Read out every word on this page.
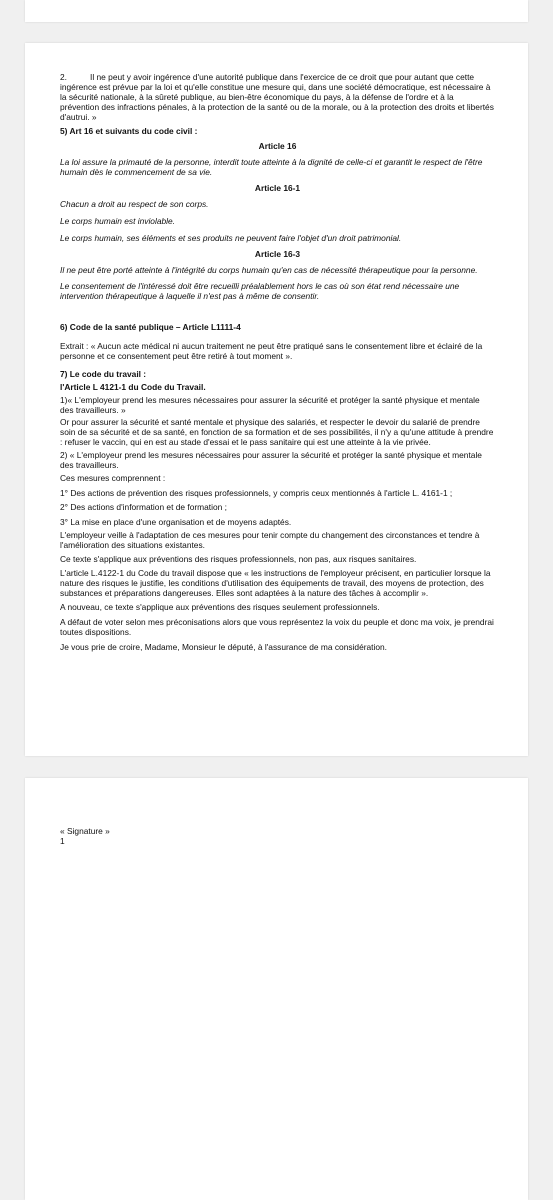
2.	Il ne peut y avoir ingérence d'une autorité publique dans l'exercice de ce droit que pour autant que cette ingérence est prévue par la loi et qu'elle constitue une mesure qui, dans une société démocratique, est nécessaire à la sécurité nationale, à la sûreté publique, au bien-être économique du pays, à la défense de l'ordre et à la prévention des infractions pénales, à la protection de la santé ou de la morale, ou à la protection des droits et libertés d'autrui. »

5) Art 16 et suivants du code civil :

Article 16

La loi assure la primauté de la personne, interdit toute atteinte à la dignité de celle-ci et garantit le respect de l'être humain dès le commencement de sa vie.

Article 16-1

Chacun a droit au respect de son corps.

Le corps humain est inviolable.

Le corps humain, ses éléments et ses produits ne peuvent faire l'objet d'un droit patrimonial.

Article 16-3

Il ne peut être porté atteinte à l'intégrité du corps humain qu'en cas de nécessité thérapeutique pour la personne.

Le consentement de l'intéressé doit être recueilli préalablement hors le cas où son état rend nécessaire une intervention thérapeutique à laquelle il n'est pas à même de consentir.

6) Code de la santé publique – Article L1111-4

Extrait : « Aucun acte médical ni aucun traitement ne peut être pratiqué sans le consentement libre et éclairé de la personne et ce consentement peut être retiré à tout moment ».

7) Le code du travail :

l'Article L 4121-1 du Code du Travail.

1)« L'employeur prend les mesures nécessaires pour assurer la sécurité et protéger la santé physique et mentale des travailleurs. »

Or pour assurer la sécurité et santé mentale et physique des salariés, et respecter le devoir du salarié de prendre soin de sa sécurité et de sa santé, en fonction de sa formation et de ses possibilités, il n'y a qu'une attitude à prendre : refuser le vaccin, qui en est au stade d'essai et le pass sanitaire qui est une atteinte à la vie privée.

2) « L'employeur prend les mesures nécessaires pour assurer la sécurité et protéger la santé physique et mentale des travailleurs.

Ces mesures comprennent :

1° Des actions de prévention des risques professionnels, y compris ceux mentionnés à l'article L. 4161-1 ;

2° Des actions d'information et de formation ;

3° La mise en place d'une organisation et de moyens adaptés.

L'employeur veille à l'adaptation de ces mesures pour tenir compte du changement des circonstances et tendre à l'amélioration des situations existantes.

Ce texte s'applique aux préventions des risques professionnels, non pas, aux risques sanitaires.

L'article L.4122-1 du Code du travail dispose que « les instructions de l'employeur précisent, en particulier lorsque la nature des risques le justifie, les conditions d'utilisation des équipements de travail, des moyens de protection, des substances et préparations dangereuses. Elles sont adaptées à la nature des tâches à accomplir ».

A nouveau, ce texte s'applique aux préventions des risques seulement professionnels.

A défaut de voter selon mes préconisations alors que vous représentez la voix du peuple et donc ma voix, je prendrai toutes dispositions.

Je vous prie de croire, Madame, Monsieur le député, à l'assurance de ma considération.

« Signature »

1
